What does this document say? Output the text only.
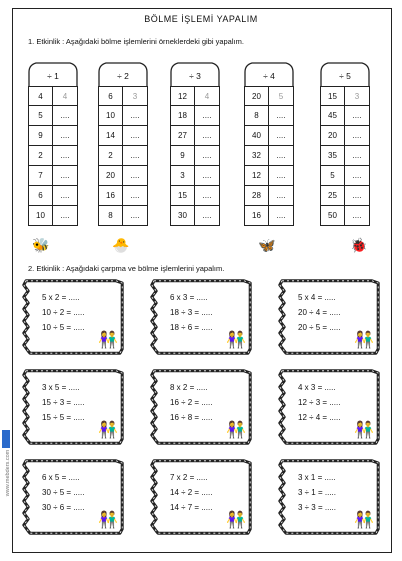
BÖLME İŞLEMİ YAPALIM
1. Etkinlik : Aşağıdaki bölme işlemlerini örneklerdeki gibi yapalım.
÷ 1
4	4
5	....
9	....
2	....
7	....
6	....
10	....
🐝
÷ 2
6	3
10	....
14	....
2	....
20	....
16	....
8	....
🐣
÷ 3
12	4
18	....
27	....
9	....
3	....
15	....
30	....
÷ 4
20	5
8	....
40	....
32	....
12	....
28	....
16	....
🦋
÷ 5
15	3
45	....
20	....
35	....
5	....
25	....
50	....
🐞
2. Etkinlik : Aşağıdaki çarpma ve bölme işlemlerini yapalım.
5 x 2 = .....
10 ÷ 2 = .....
10 ÷ 5 = .....
👫
6 x 3 = .....
18 ÷ 3 = .....
18 ÷ 6 = .....
👫
5 x 4 = .....
20 ÷ 4 = .....
20 ÷ 5 = .....
👫
3 x 5 = .....
15 ÷ 3 = .....
15 ÷ 5 = .....
👫
8 x 2 = .....
16 ÷ 2 = .....
16 ÷ 8 = .....
👫
4 x 3 = .....
12 ÷ 3 = .....
12 ÷ 4 = .....
👫
6 x 5 = .....
30 ÷ 5 = .....
30 ÷ 6 = .....
👫
7 x 2 = .....
14 ÷ 2 = .....
14 ÷ 7 = .....
👫
3 x 1 = .....
3 ÷ 1 = .....
3 ÷ 3 = .....
👫
www.mebders.com
